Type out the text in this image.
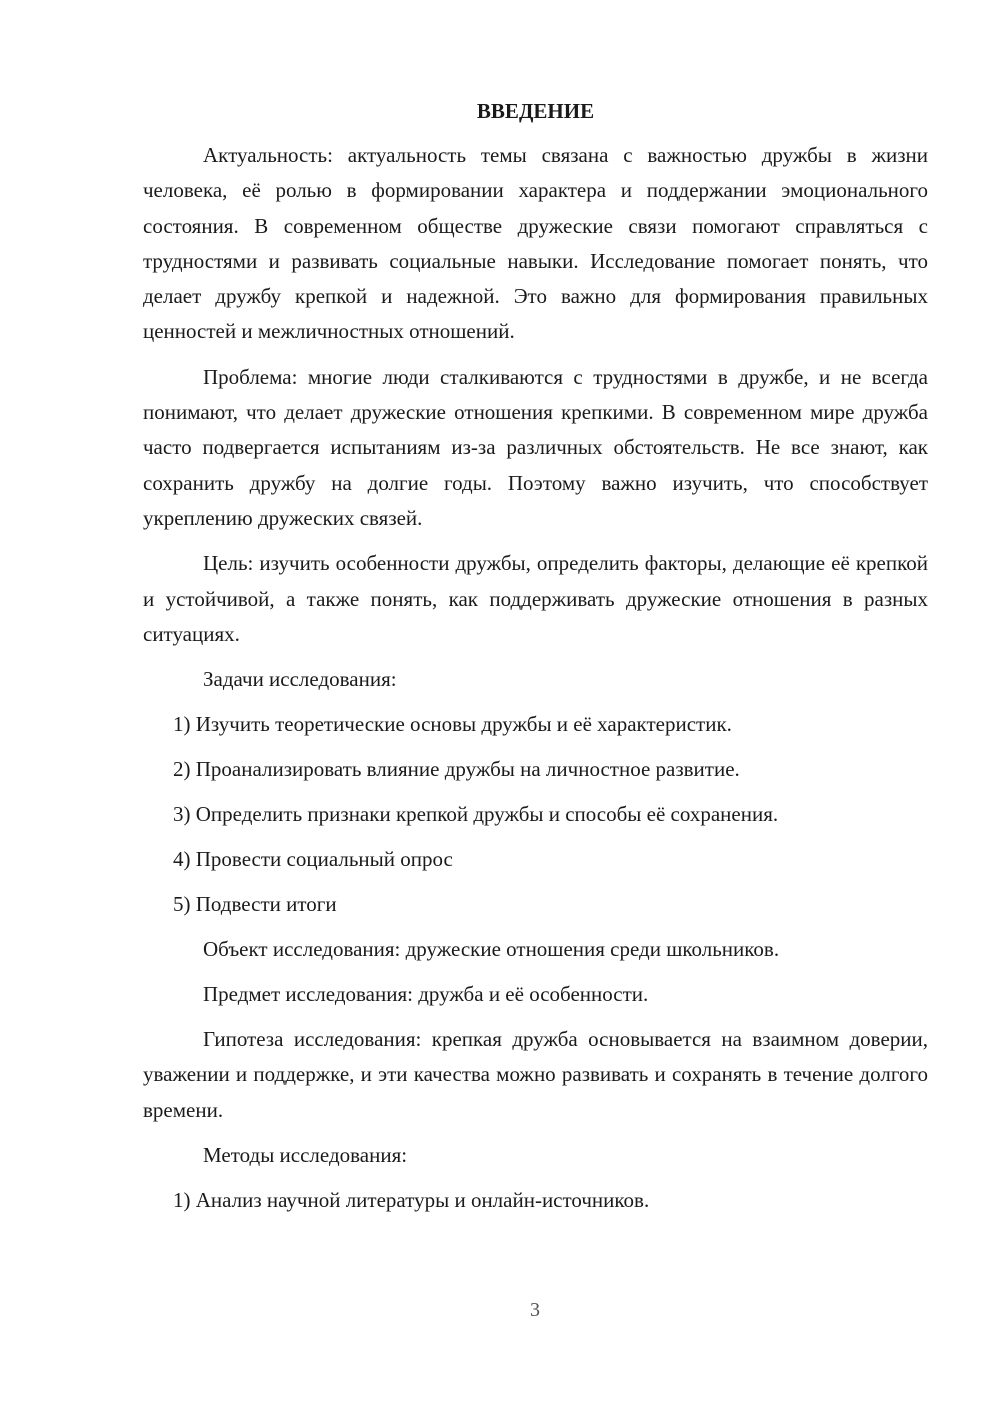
ВВЕДЕНИЕ

Актуальность: актуальность темы связана с важностью дружбы в жизни человека, её ролью в формировании характера и поддержании эмоционального состояния. В современном обществе дружеские связи помогают справляться с трудностями и развивать социальные навыки. Исследование помогает понять, что делает дружбу крепкой и надежной. Это важно для формирования правильных ценностей и межличностных отношений.

Проблема: многие люди сталкиваются с трудностями в дружбе, и не всегда понимают, что делает дружеские отношения крепкими. В современном мире дружба часто подвергается испытаниям из-за различных обстоятельств. Не все знают, как сохранить дружбу на долгие годы. Поэтому важно изучить, что способствует укреплению дружеских связей.

Цель: изучить особенности дружбы, определить факторы, делающие её крепкой и устойчивой, а также понять, как поддерживать дружеские отношения в разных ситуациях.

Задачи исследования:
1) Изучить теоретические основы дружбы и её характеристик.
2) Проанализировать влияние дружбы на личностное развитие.
3) Определить признаки крепкой дружбы и способы её сохранения.
4) Провести социальный опрос
5) Подвести итоги
Объект исследования: дружеские отношения среди школьников.
Предмет исследования: дружба и её особенности.

Гипотеза исследования: крепкая дружба основывается на взаимном доверии, уважении и поддержке, и эти качества можно развивать и сохранять в течение долгого времени.

Методы исследования:
1) Анализ научной литературы и онлайн-источников.
3
